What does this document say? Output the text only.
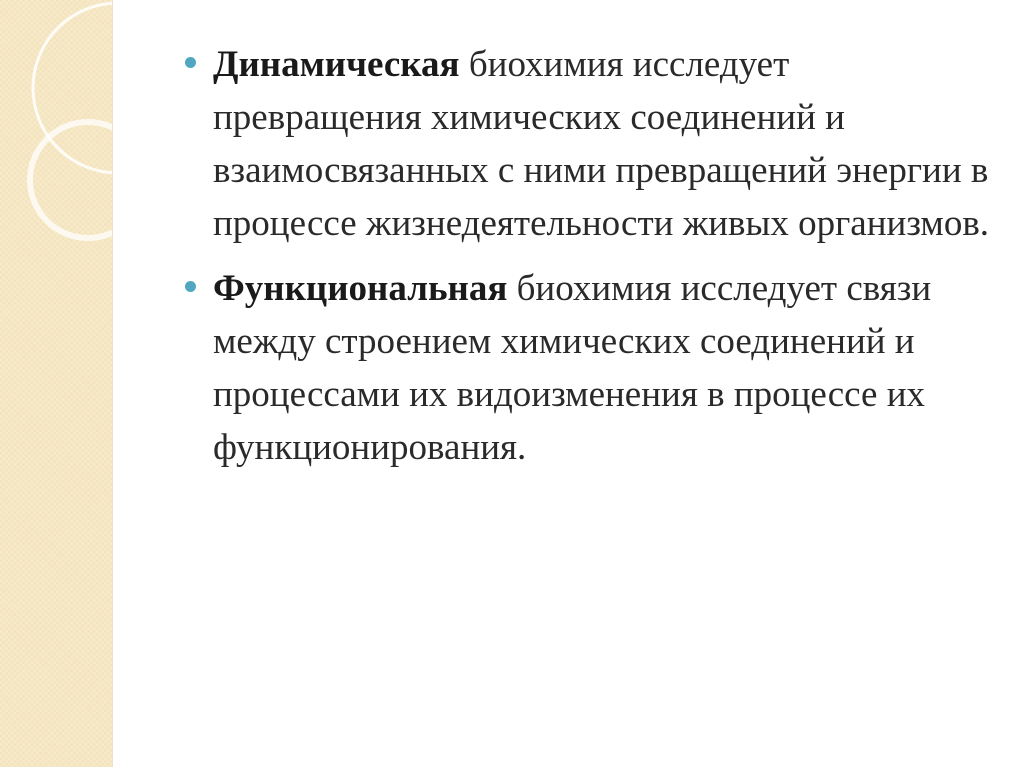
Динамическая биохимия исследует превращения химических соединений и взаимосвязанных с ними превращений энергии в процессе жизнедеятельности живых организмов.
Функциональная биохимия исследует связи между строением химических соединений и процессами их видоизменения в процессе их функционирования.
